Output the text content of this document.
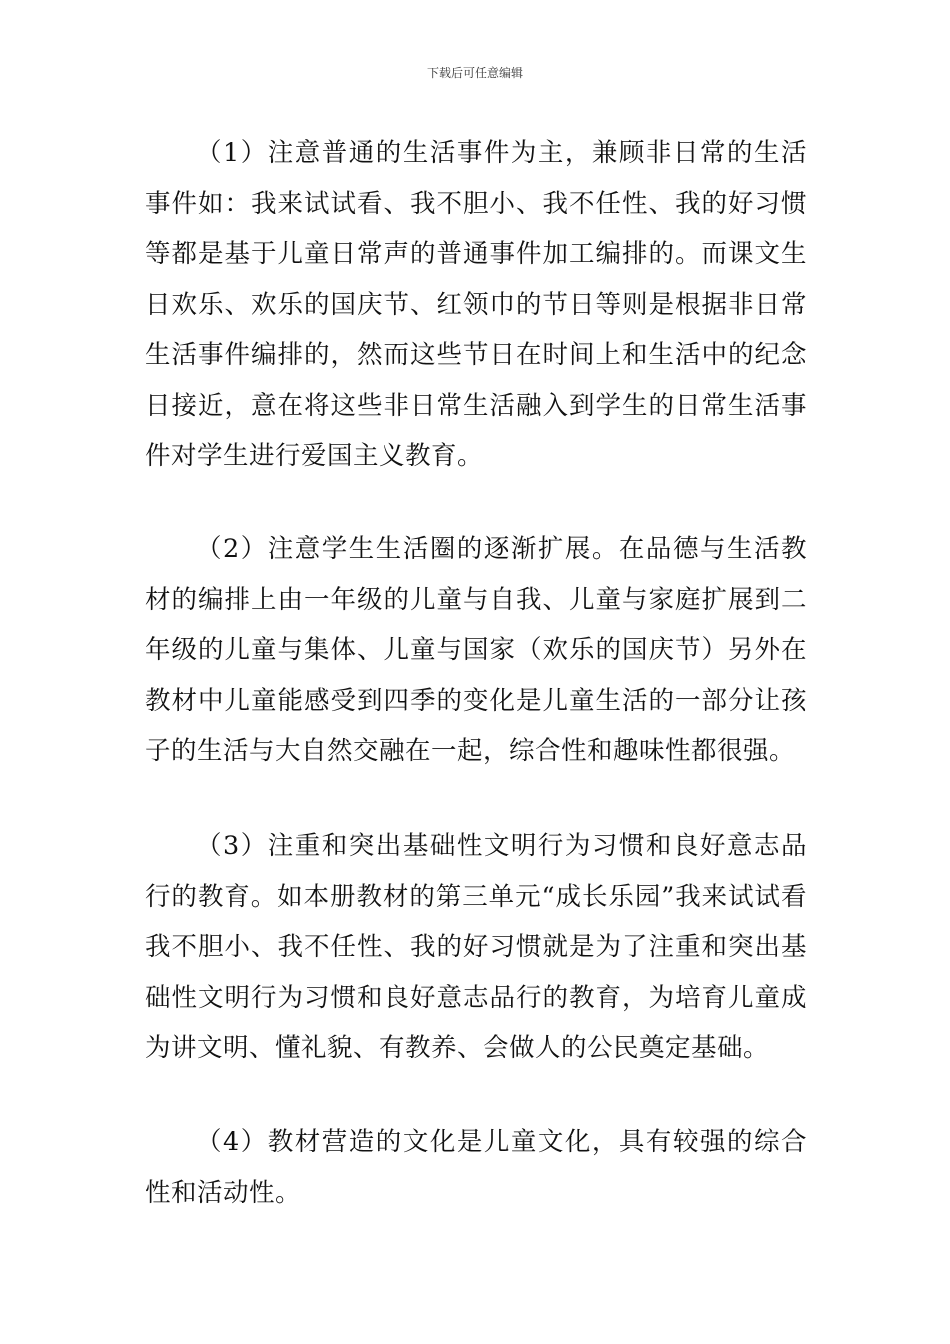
下载后可任意编辑

（1）注意普通的生活事件为主，兼顾非日常的生活事件如：我来试试看、我不胆小、我不任性、我的好习惯等都是基于儿童日常声的普通事件加工编排的。而课文生日欢乐、欢乐的国庆节、红领巾的节日等则是根据非日常生活事件编排的，然而这些节日在时间上和生活中的纪念日接近，意在将这些非日常生活融入到学生的日常生活事件对学生进行爱国主义教育。

（2）注意学生生活圈的逐渐扩展。在品德与生活教材的编排上由一年级的儿童与自我、儿童与家庭扩展到二年级的儿童与集体、儿童与国家（欢乐的国庆节）另外在教材中儿童能感受到四季的变化是儿童生活的一部分让孩子的生活与大自然交融在一起，综合性和趣味性都很强。

（3）注重和突出基础性文明行为习惯和良好意志品行的教育。如本册教材的第三单元“成长乐园”我来试试看我不胆小、我不任性、我的好习惯就是为了注重和突出基础性文明行为习惯和良好意志品行的教育，为培育儿童成为讲文明、懂礼貌、有教养、会做人的公民奠定基础。

（4）教材营造的文化是儿童文化，具有较强的综合性和活动性。
